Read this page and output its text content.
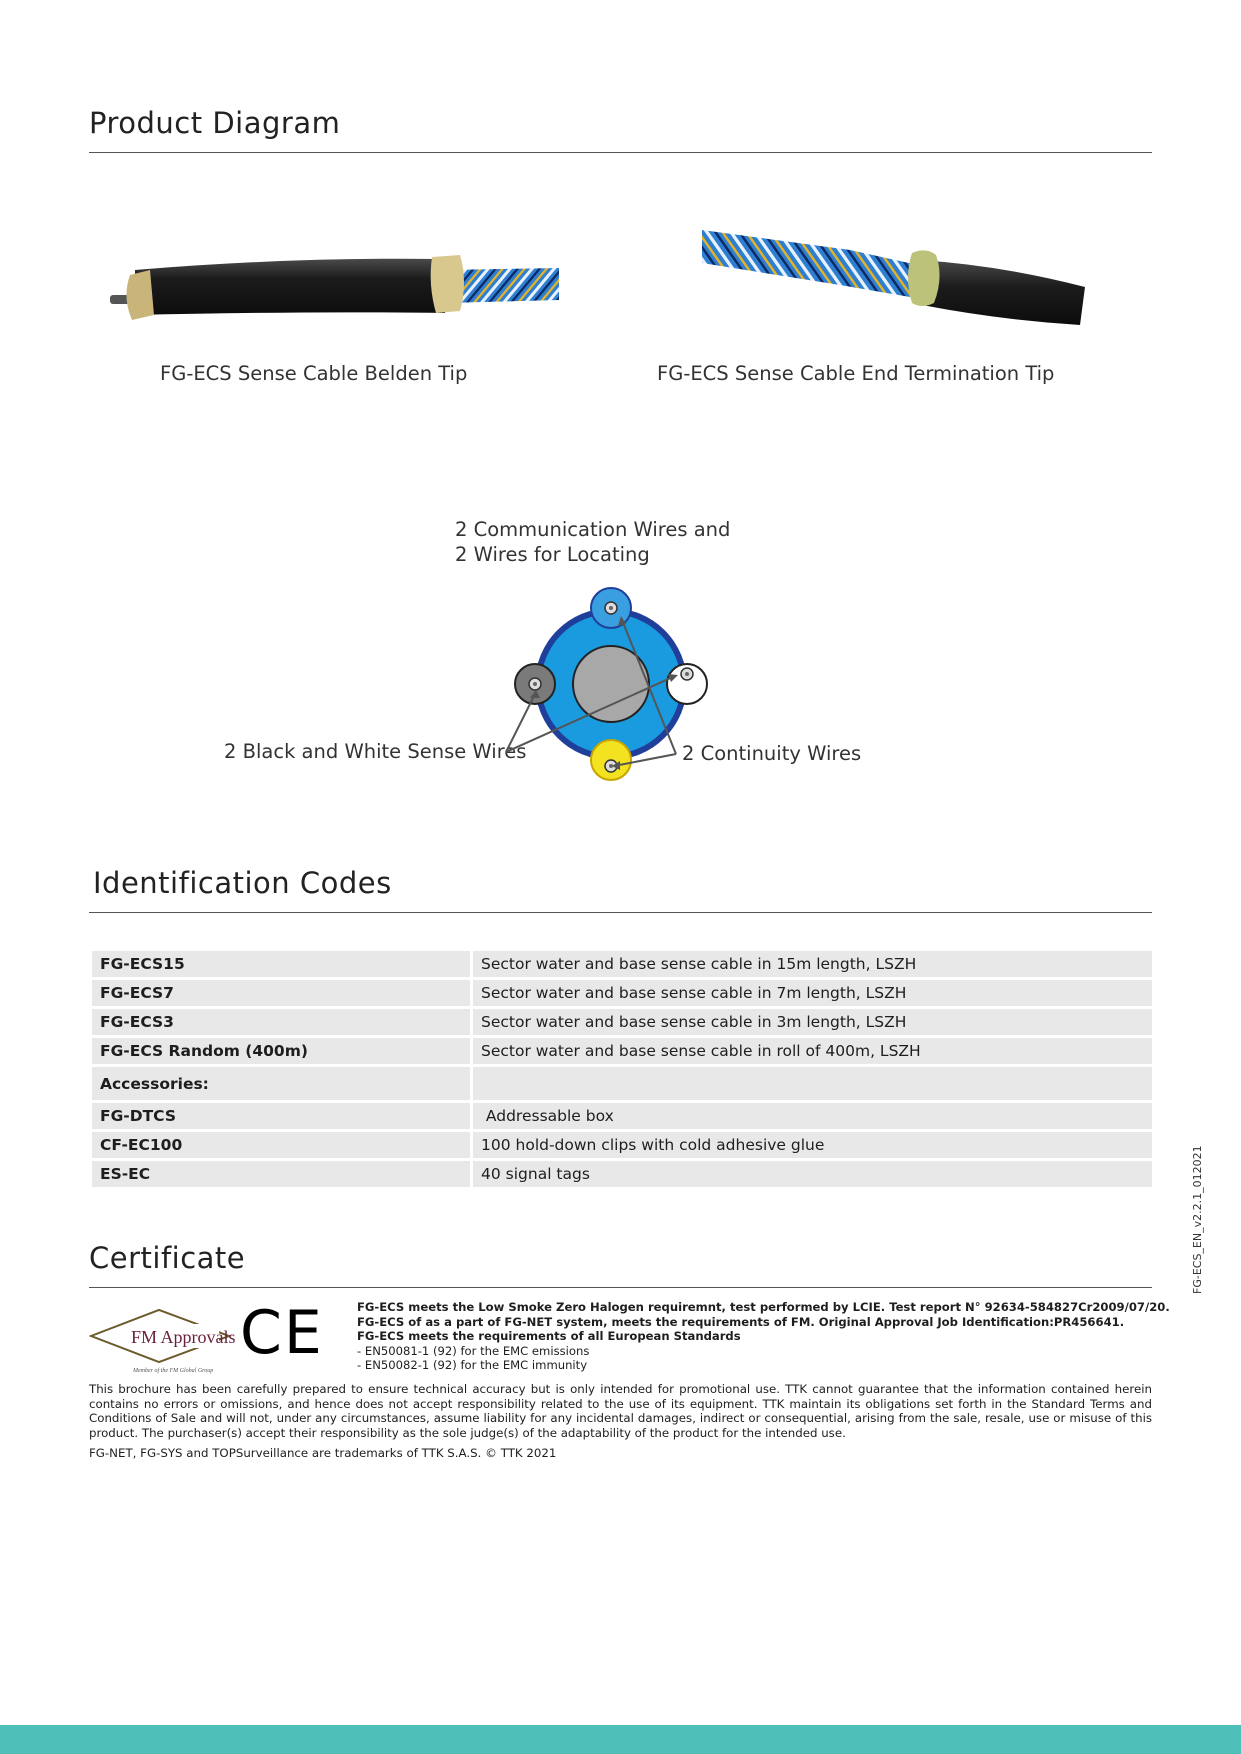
Product Diagram
FG-ECS Sense Cable Belden Tip	FG-ECS Sense Cable End Termination Tip
2 Communication Wires and
2 Wires for Locating
2 Black and White Sense Wires	2 Continuity Wires
Identification Codes
FG-ECS15	Sector water and base sense cable in 15m length, LSZH
FG-ECS7	Sector water and base sense cable in 7m length, LSZH
FG-ECS3	Sector water and base sense cable in 3m length, LSZH
FG-ECS Random (400m)	Sector water and base sense cable in roll of 400m, LSZH
Accessories:	
FG-DTCS	Addressable box
CF-EC100	100 hold-down clips with cold adhesive glue
ES-EC	40 signal tags
Certificate
FM Approvals
Member of the FM Global Group
CE	FG-ECS meets the Low Smoke Zero Halogen requiremnt, test performed by LCIE. Test report N° 92634-584827Cr2009/07/20.
FG-ECS of as a part of FG-NET system, meets the requirements of FM. Original Approval Job Identification:PR456641.
FG-ECS meets the requirements of all European Standards
- EN50081-1 (92) for the EMC emissions
- EN50082-1 (92) for the EMC immunity
This brochure has been carefully prepared to ensure technical accuracy but is only intended for promotional use. TTK cannot guarantee that the information contained herein contains no errors or omissions, and hence does not accept responsibility related to the use of its equipment. TTK maintain its obligations set forth in the Standard Terms and Conditions of Sale and will not, under any circumstances, assume liability for any incidental damages, indirect or consequential, arising from the sale, resale, use or misuse of this product. The purchaser(s) accept their responsibility as the sole judge(s) of the adaptability of the product for the intended use.
FG-NET, FG-SYS and TOPSurveillance are trademarks of TTK S.A.S. © TTK 2021
FG-ECS_EN_v2.2.1_012021
